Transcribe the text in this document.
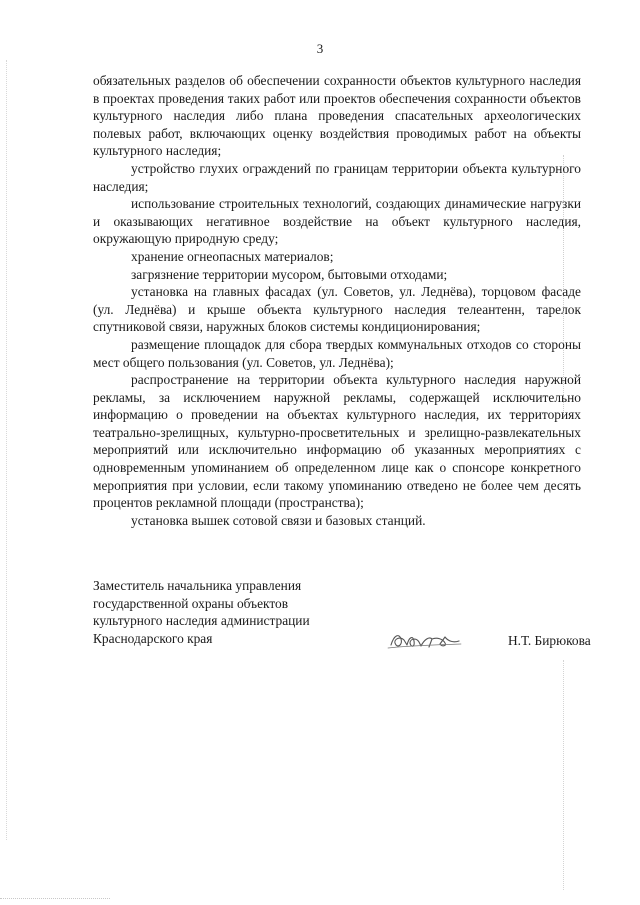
3

обязательных разделов об обеспечении сохранности объектов культурного наследия в проектах проведения таких работ или проектов обеспечения сохранности объектов культурного наследия либо плана проведения спасательных археологических полевых работ, включающих оценку воздействия проводимых работ на объекты культурного наследия;

устройство глухих ограждений по границам территории объекта культурного наследия;

использование строительных технологий, создающих динамические нагрузки и оказывающих негативное воздействие на объект культурного наследия, окружающую природную среду;

хранение огнеопасных материалов;

загрязнение территории мусором, бытовыми отходами;

установка на главных фасадах (ул. Советов, ул. Леднёва), торцовом фасаде (ул. Леднёва) и крыше объекта культурного наследия телеантенн, тарелок спутниковой связи, наружных блоков системы кондиционирования;

размещение площадок для сбора твердых коммунальных отходов со стороны мест общего пользования (ул. Советов, ул. Леднёва);

распространение на территории объекта культурного наследия наружной рекламы, за исключением наружной рекламы, содержащей исключительно информацию о проведении на объектах культурного наследия, их территориях театрально-зрелищных, культурно-просветительных и зрелищно-развлекательных мероприятий или исключительно информацию об указанных мероприятиях с одновременным упоминанием об определенном лице как о спонсоре конкретного мероприятия при условии, если такому упоминанию отведено не более чем десять процентов рекламной площади (пространства);

установка вышек сотовой связи и базовых станций.

Заместитель начальника управления
государственной охраны объектов
культурного наследия администрации
Краснодарского края	Н.Т. Бирюкова
